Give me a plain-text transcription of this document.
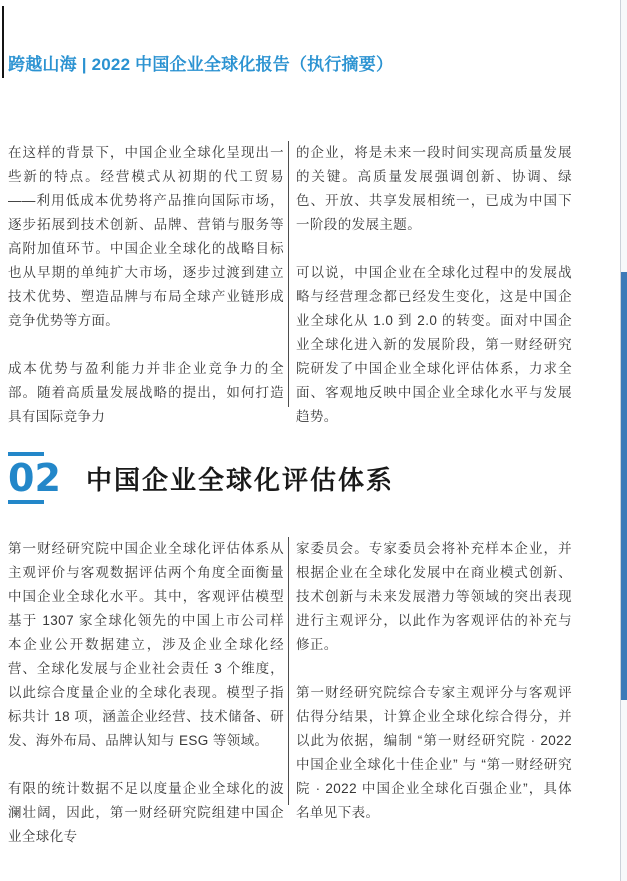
跨越山海 | 2022 中国企业全球化报告（执行摘要）

在这样的背景下，中国企业全球化呈现出一些新的特点。经营模式从初期的代工贸易——利用低成本优势将产品推向国际市场，逐步拓展到技术创新、品牌、营销与服务等高附加值环节。中国企业全球化的战略目标也从早期的单纯扩大市场，逐步过渡到建立技术优势、塑造品牌与布局全球产业链形成竞争优势等方面。

成本优势与盈利能力并非企业竞争力的全部。随着高质量发展战略的提出，如何打造具有国际竞争力

的企业，将是未来一段时间实现高质量发展的关键。高质量发展强调创新、协调、绿色、开放、共享发展相统一，已成为中国下一阶段的发展主题。

可以说，中国企业在全球化过程中的发展战略与经营理念都已经发生变化，这是中国企业全球化从 1.0 到 2.0 的转变。面对中国企业全球化进入新的发展阶段，第一财经研究院研发了中国企业全球化评估体系，力求全面、客观地反映中国企业全球化水平与发展趋势。

02 中国企业全球化评估体系

第一财经研究院中国企业全球化评估体系从主观评价与客观数据评估两个角度全面衡量中国企业全球化水平。其中，客观评估模型基于 1307 家全球化领先的中国上市公司样本企业公开数据建立，涉及企业全球化经营、全球化发展与企业社会责任 3 个维度，以此综合度量企业的全球化表现。模型子指标共计 18 项，涵盖企业经营、技术储备、研发、海外布局、品牌认知与 ESG 等领域。

有限的统计数据不足以度量企业全球化的波澜壮阔，因此，第一财经研究院组建中国企业全球化专

家委员会。专家委员会将补充样本企业，并根据企业在全球化发展中在商业模式创新、技术创新与未来发展潜力等领域的突出表现进行主观评分，以此作为客观评估的补充与修正。

第一财经研究院综合专家主观评分与客观评估得分结果，计算企业全球化综合得分，并以此为依据，编制 “第一财经研究院 · 2022 中国企业全球化十佳企业” 与 “第一财经研究院 · 2022 中国企业全球化百强企业”，具体名单见下表。
